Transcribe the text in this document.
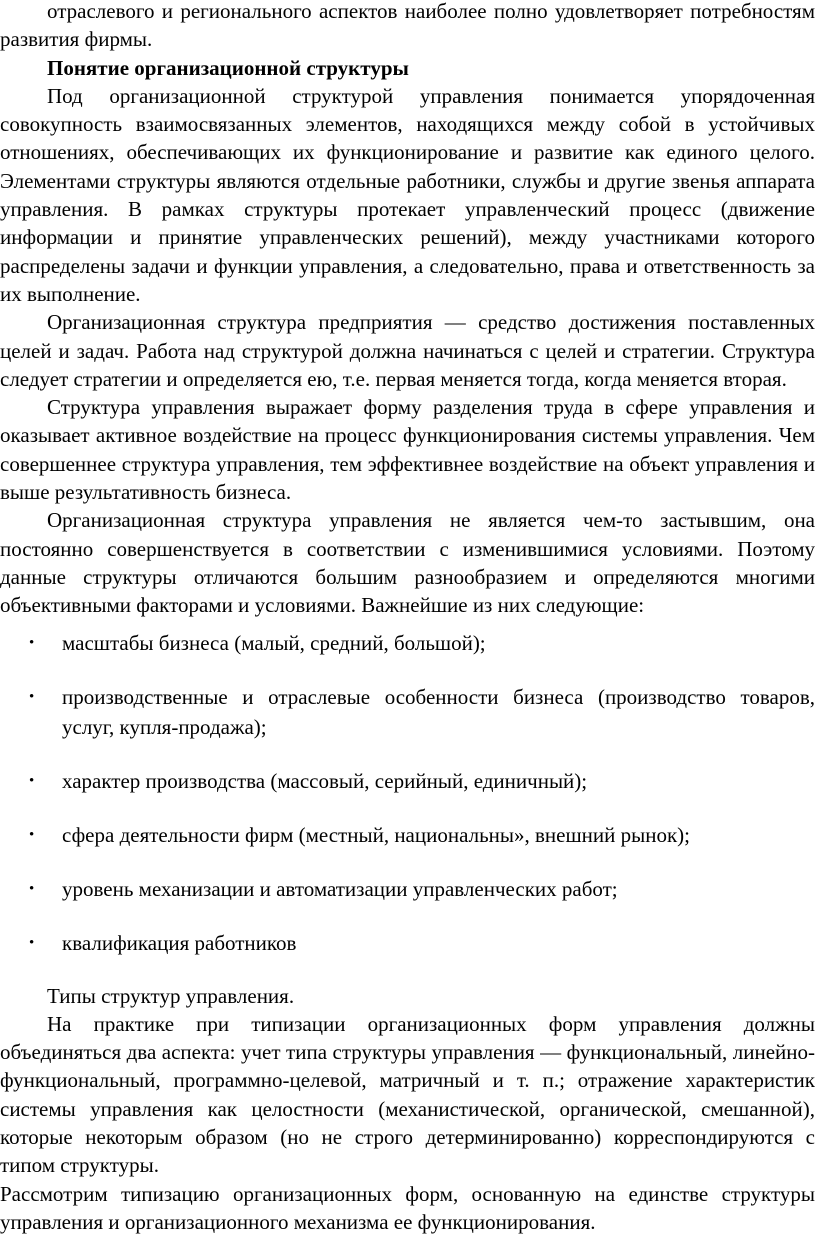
отраслевого и регионального аспектов наиболее полно удовлетворяет потребностям развития фирмы.

Понятие организационной структуры

Под организационной структурой управления понимается упорядоченная совокупность взаимосвязанных элементов, находящихся между собой в устойчивых отношениях, обеспечивающих их функционирование и развитие как единого целого. Элементами структуры являются отдельные работники, службы и другие звенья аппарата управления. В рамках структуры протекает управленческий процесс (движение информации и принятие управленческих решений), между участниками которого распределены задачи и функции управления, а следовательно, права и ответственность за их выполнение.

Организационная структура предприятия — средство достижения поставленных целей и задач. Работа над структурой должна начинаться с целей и стратегии. Структура следует стратегии и определяется ею, т.е. первая меняется тогда, когда меняется вторая.

Структура управления выражает форму разделения труда в сфере управления и оказывает активное воздействие на процесс функционирования системы управления. Чем совершеннее структура управления, тем эффективнее воздействие на объект управления и выше результативность бизнеса.

Организационная структура управления не является чем-то застывшим, она постоянно совершенствуется в соответствии с изменившимися условиями. Поэтому данные структуры отличаются большим разнообразием и определяются многими объективными факторами и условиями. Важнейшие из них следующие:

• масштабы бизнеса (малый, средний, большой);
• производственные и отраслевые особенности бизнеса (производство товаров, услуг, купля-продажа);
• характер производства (массовый, серийный, единичный);
• сфера деятельности фирм (местный, национальны», внешний рынок);
• уровень механизации и автоматизации управленческих работ;
• квалификация работников

Типы структур управления.

На практике при типизации организационных форм управления должны объединяться два аспекта: учет типа структуры управления — функциональный, линейно-функциональный, программно-целевой, матричный и т. п.; отражение характеристик системы управления как целостности (механистической, органической, смешанной), которые некоторым образом (но не строго детерминированно) корреспондируются с типом структуры.

Рассмотрим типизацию организационных форм, основанную на единстве структуры управления и организационного механизма ее функционирования.
